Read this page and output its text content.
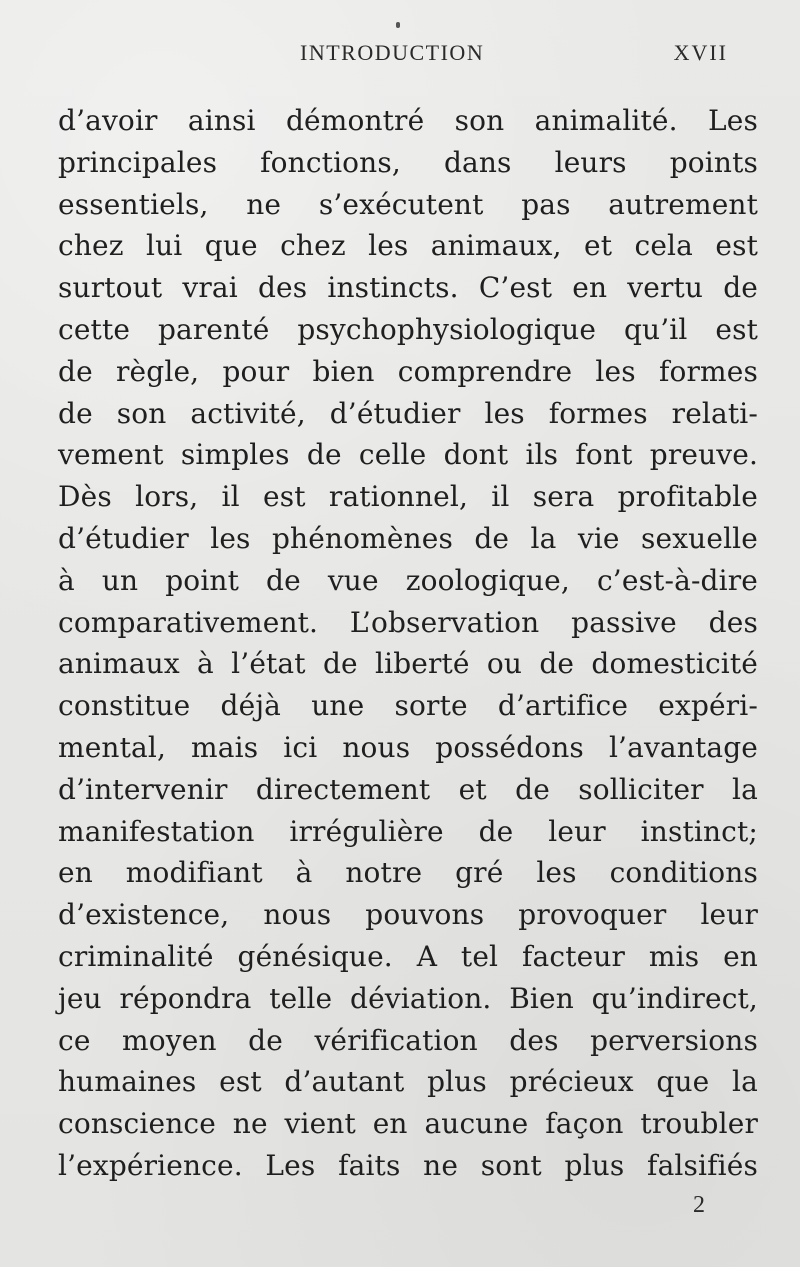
INTRODUCTION	XVII
d’avoir ainsi démontré son animalité. Les
principales fonctions, dans leurs points
essentiels, ne s’exécutent pas autrement
chez lui que chez les animaux, et cela est
surtout vrai des instincts. C’est en vertu de
cette parenté psychophysiologique qu’il est
de règle, pour bien comprendre les formes
de son activité, d’étudier les formes relati-
vement simples de celle dont ils font preuve.
Dès lors, il est rationnel, il sera profitable
d’étudier les phénomènes de la vie sexuelle
à un point de vue zoologique, c’est-à-dire
comparativement. L’observation passive des
animaux à l’état de liberté ou de domesticité
constitue déjà une sorte d’artifice expéri-
mental, mais ici nous possédons l’avantage
d’intervenir directement et de solliciter la
manifestation irrégulière de leur instinct;
en modifiant à notre gré les conditions
d’existence, nous pouvons provoquer leur
criminalité génésique. A tel facteur mis en
jeu répondra telle déviation. Bien qu’indirect,
ce moyen de vérification des perversions
humaines est d’autant plus précieux que la
conscience ne vient en aucune façon troubler
l’expérience. Les faits ne sont plus falsifiés
2
